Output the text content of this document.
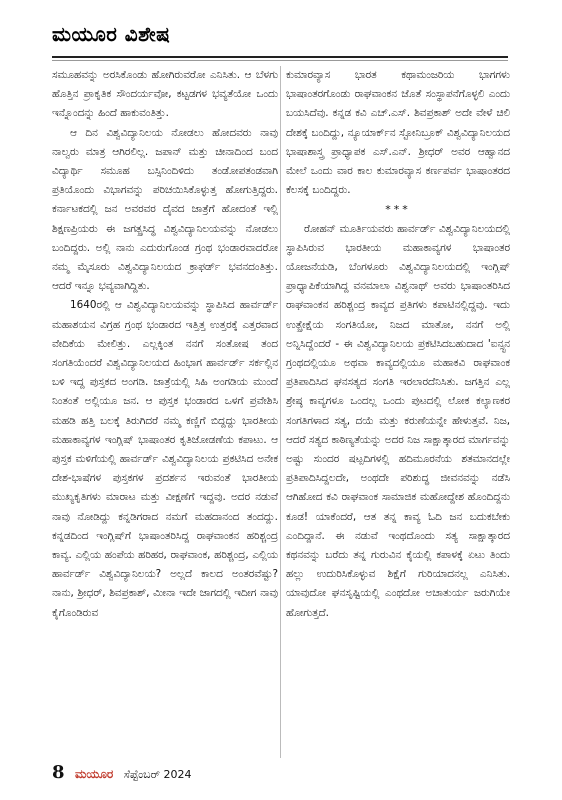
ಮಯೂರ ವಿಶೇಷ

ಸಮೂಹವನ್ನು ಅರಸಿಕೊಂಡು ಹೋಗಿರುವರೋ ಎನಿಸಿತು. ಆ ಬೆಳಗು ಹೊತ್ತಿನ ಪ್ರಾಕೃತಿಕ ಸೌಂದರ್ಯವೋ, ಕಟ್ಟಡಗಳ ಭವ್ಯತೆಯೋ ಒಂದು ಇನ್ನೊಂದನ್ನು ಹಿಂದೆ ಹಾಕುವಂತಿತ್ತು.

ಆ ದಿನ ವಿಶ್ವವಿದ್ಯಾನಿಲಯ ನೋಡಲು ಹೋದವರು ನಾವು ನಾಲ್ವರು ಮಾತ್ರ ಆಗಿರಲಿಲ್ಲ. ಜಪಾನ್ ಮತ್ತು ಚೀನಾದಿಂದ ಬಂದ ವಿದ್ಯಾರ್ಥಿ ಸಮೂಹ ಬಸ್ಸಿನಿಂದಿಳಿದು ತಂಡೋಪತಂಡವಾಗಿ ಪ್ರತಿಯೊಂದು ವಿಭಾಗವನ್ನು ಪರಿಚಯಿಸಿಕೊಳ್ಳುತ್ತ ಹೋಗುತ್ತಿದ್ದರು. ಕರ್ನಾಟಕದಲ್ಲಿ ಜನ ಅವರವರ ದೈವದ ಜಾತ್ರೆಗೆ ಹೋದಂತೆ ಇಲ್ಲಿ ಶಿಕ್ಷಣಪ್ರಿಯರು ಈ ಜಗತ್ಪ್ರಸಿದ್ಧ ವಿಶ್ವವಿದ್ಯಾನಿಲಯವನ್ನು ನೋಡಲು ಬಂದಿದ್ದರು. ಅಲ್ಲಿ ನಾನು ಎದುರುಗೊಂಡ ಗ್ರಂಥ ಭಂಡಾರವಾದರೋ ನಮ್ಮ ಮೈಸೂರು ವಿಶ್ವವಿದ್ಯಾನಿಲಯದ ಕ್ರಾಫರ್ಡ್ ಭವನದಂತಿತ್ತು. ಆದರೆ ಇನ್ನೂ ಭವ್ಯವಾಗಿದ್ದಿತು.

1640ರಲ್ಲಿ ಆ ವಿಶ್ವವಿದ್ಯಾನಿಲಯವನ್ನು ಸ್ಥಾಪಿಸಿದ ಹಾರ್ವರ್ಡ್ ಮಹಾಶಯನ ವಿಗ್ರಹ ಗ್ರಂಥ ಭಂಡಾರದ ಇತ್ತಿತ್ತ ಉತ್ತರಕ್ಕೆ ಎತ್ತರವಾದ ವೇದಿಕೆಯ ಮೇಲಿತ್ತು. ಎಲ್ಲಕ್ಕಿಂತ ನನಗೆ ಸಂತೋಷ ತಂದ ಸಂಗತಿಯೆಂದರೆ ವಿಶ್ವವಿದ್ಯಾನಿಲಯದ ಹಿಂಭಾಗ ಹಾರ್ವರ್ಡ್ ಸರ್ಕಲ್ಲಿನ ಬಳಿ ಇದ್ದ ಪುಸ್ತಕದ ಅಂಗಡಿ. ಜಾತ್ರೆಯಲ್ಲಿ ಸಿಹಿ ಅಂಗಡಿಯ ಮುಂದೆ ನಿಂತಂತೆ ಅಲ್ಲಿಯೂ ಜನ. ಆ ಪುಸ್ತಕ ಭಂಡಾರದ ಒಳಗೆ ಪ್ರವೇಶಿಸಿ ಮಹಡಿ ಹತ್ತಿ ಬಲಕ್ಕೆ ತಿರುಗಿದರೆ ನಮ್ಮ ಕಣ್ಣಿಗೆ ಬಿದ್ದದ್ದು ಭಾರತೀಯ ಮಹಾಕಾವ್ಯಗಳ ಇಂಗ್ಲಿಷ್ ಭಾಷಾಂತರ ಕೃತಿಜೋಡಣೆಯ ಕಪಾಟು. ಆ ಪುಸ್ತಕ ಮಳಿಗೆಯಲ್ಲಿ ಹಾರ್ವರ್ಡ್ ವಿಶ್ವವಿದ್ಯಾನಿಲಯ ಪ್ರಕಟಿಸಿದ ಅನೇಕ ದೇಶ-ಭಾಷೆಗಳ ಪುಸ್ತಕಗಳ ಪ್ರದರ್ಶನ ಇರುವಂತೆ ಭಾರತೀಯ ಮುಖ್ಯಕೃತಿಗಳು ಮಾರಾಟ ಮತ್ತು ವೀಕ್ಷಣೆಗೆ ಇದ್ದವು. ಅದರ ನಡುವೆ ನಾವು ನೋಡಿದ್ದು ಕನ್ನಡಿಗರಾದ ನಮಗೆ ಮಹದಾನಂದ ತಂದದ್ದು. ಕನ್ನಡದಿಂದ ಇಂಗ್ಲಿಷ್‌ಗೆ ಭಾಷಾಂತರಿಸಿದ್ದ ರಾಘವಾಂಕನ ಹರಿಶ್ಚಂದ್ರ ಕಾವ್ಯ. ಎಲ್ಲಿಯ ಹಂಪೆಯ ಹರಿಹರ, ರಾಘವಾಂಕ, ಹರಿಶ್ಚಂದ್ರ, ಎಲ್ಲಿಯ ಹಾರ್ವರ್ಡ್ ವಿಶ್ವವಿದ್ಯಾನಿಲಯ? ಅಲ್ಲದೆ ಕಾಲದ ಅಂತರವೆಷ್ಟು? ನಾನು, ಶ್ರೀಧರ್, ಶಿವಪ್ರಕಾಶ್, ಮೀನಾ ಇದೇ ಜಾಗದಲ್ಲಿ ಇದೀಗ ನಾವು ಕೈಗೊಂಡಿರುವ

ಕುಮಾರವ್ಯಾಸ ಭಾರತ ಕಥಾಮಂಜರಿಯ ಭಾಗಗಳು ಭಾಷಾಂತರಗೊಂಡು ರಾಘವಾಂಕನ ಜೊತೆ ಸಂಸ್ಥಾಪನೆಗೊಳ್ಳಲಿ ಎಂದು ಬಯಸಿದೆವು. ಕನ್ನಡ ಕವಿ ಎಚ್.ಎಸ್. ಶಿವಪ್ರಕಾಶ್ ಅದೇ ವೇಳೆ ಚಿಲಿ ದೇಶಕ್ಕೆ ಬಂದಿದ್ದು, ನ್ಯೂಯಾರ್ಕ್‌ನ ಸ್ಟೋನಿಬ್ರೂಕ್ ವಿಶ್ವವಿದ್ಯಾನಿಲಯದ ಭಾಷಾಶಾಸ್ತ್ರ ಪ್ರಾಧ್ಯಾಪಕ ಎಸ್.ಎನ್. ಶ್ರೀಧರ್ ಅವರ ಆಹ್ವಾನದ ಮೇಲೆ ಒಂದು ವಾರ ಕಾಲ ಕುಮಾರವ್ಯಾಸ ಕರ್ಣಪರ್ವ ಭಾಷಾಂತರದ ಕೆಲಸಕ್ಕೆ ಬಂದಿದ್ದರು.

***

ರೋಹನ್ ಮೂರ್ತಿಯವರು ಹಾರ್ವರ್ಡ್ ವಿಶ್ವವಿದ್ಯಾನಿಲಯದಲ್ಲಿ ಸ್ಥಾಪಿಸಿರುವ ಭಾರತೀಯ ಮಹಾಕಾವ್ಯಗಳ ಭಾಷಾಂತರ ಯೋಜನೆಯಡಿ, ಬೆಂಗಳೂರು ವಿಶ್ವವಿದ್ಯಾನಿಲಯದಲ್ಲಿ ಇಂಗ್ಲಿಷ್ ಪ್ರಾಧ್ಯಾಪಿಕೆಯಾಗಿದ್ದ ವನಮಾಲಾ ವಿಶ್ವನಾಥ್ ಅವರು ಭಾಷಾಂತರಿಸಿದ ರಾಘವಾಂಕನ ಹರಿಶ್ಚಂದ್ರ ಕಾವ್ಯದ ಪ್ರತಿಗಳು ಕಪಾಟಿನಲ್ಲಿದ್ದವು. ಇದು ಉತ್ಪ್ರೇಕ್ಷೆಯ ಸಂಗತಿಯೋ, ನಿಜದ ಮಾತೋ, ನನಗೆ ಅಲ್ಲಿ ಅನ್ನಿಸಿದ್ದೆಂದರೆ - ಈ ವಿಶ್ವವಿದ್ಯಾನಿಲಯ ಪ್ರಕಟಿಸಿದಬಹುದಾದ 'ಐನ್ಸ್ಟನ ಗ್ರಂಥದಲ್ಲಿಯೂ ಅಥವಾ ಕಾವ್ಯದಲ್ಲಿಯೂ ಮಹಾಕವಿ ರಾಘವಾಂಕ ಪ್ರತಿಪಾದಿಸಿದ ಘನಸತ್ಯದ ಸಂಗತಿ ಇರಲಾರದೆನಿಸಿತು. ಜಗತ್ತಿನ ಎಲ್ಲ ಶ್ರೇಷ್ಠ ಕಾವ್ಯಗಳೂ ಒಂದಲ್ಲ ಒಂದು ಪುಟದಲ್ಲಿ ಲೋಕ ಕಲ್ಯಾಣಕರ ಸಂಗತಿಗಳಾದ ಸತ್ಯ, ದಯೆ ಮತ್ತು ಕರುಣೆಯನ್ನೇ ಹೇಳುತ್ತವೆ. ನಿಜ, ಆದರೆ ಸತ್ಯದ ಕಾಠಿಣ್ಯತೆಯನ್ನು ಅದರ ನಿಜ ಸಾಕ್ಷಾತ್ಕಾರದ ಮಾರ್ಗವನ್ನು ಅಷ್ಟು ಸುಂದರ ಷಟ್ಪದಿಗಳಲ್ಲಿ ಹದಿಮೂರನೆಯ ಶತಮಾನದಲ್ಲೇ ಪ್ರತಿಪಾದಿಸಿದ್ದಲದೇ, ಅಂಥದೇ ಪರಿಶುದ್ಧ ಜೀವನವನ್ನು ನಡೆಸಿ ಆಗಿಹೋದ ಕವಿ ರಾಘವಾಂಕ ಸಾಮಾಜಿಕ ಮಹೋದ್ದೇಶ ಹೊಂದಿದ್ದನು ಕೂಡ! ಯಾಕೆಂದರೆ, ಆತ ತನ್ನ ಕಾವ್ಯ ಓದಿ ಜನ ಬದುಕಬೇಕು ಎಂದಿದ್ದಾನೆ. ಈ ನಡುವೆ ಇಂಥದೊಂದು ಸತ್ಯ ಸಾಕ್ಷಾತ್ಕಾರದ ಕಥನವನ್ನು ಬರೆದು ತನ್ನ ಗುರುವಿನ ಕೈಯಲ್ಲಿ ಕಪಾಳಕ್ಕೆ ಏಟು ತಿಂದು ಹಲ್ಲು ಉದುರಿಸಿಕೊಳ್ಳುವ ಶಿಕ್ಷೆಗೆ ಗುರಿಯಾದನಲ್ಲ ಎನಿಸಿತು. ಯಾವುದೋ ಘನಸೃಷ್ಟಿಯಲ್ಲಿ ಎಂಥದೋ ಅಚಾತುರ್ಯ ಜರುಗಿಯೇ ಹೋಗುತ್ತದೆ.

8 ಮಯೂರ ಸೆಪ್ಟೆಂಬರ್ 2024
